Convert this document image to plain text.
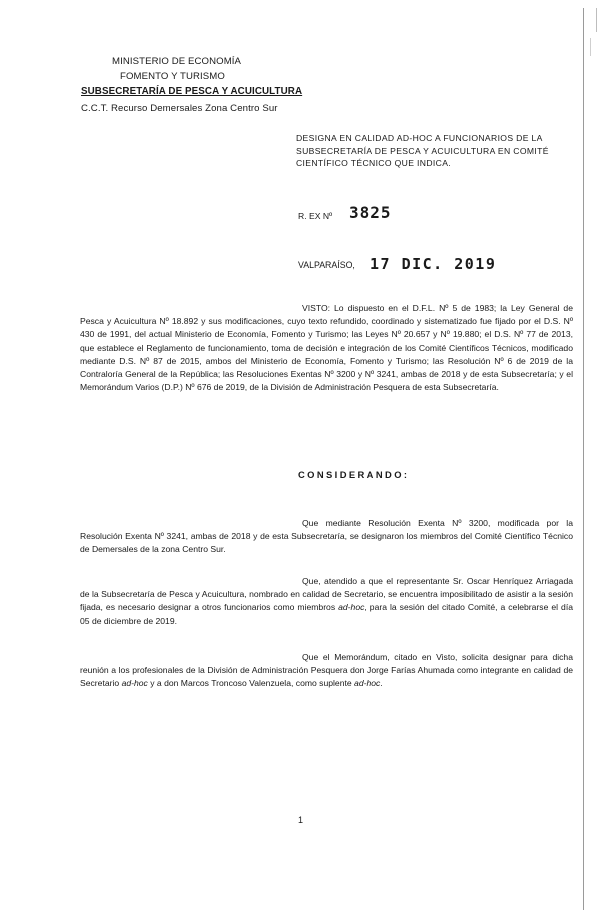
MINISTERIO DE ECONOMÍA
FOMENTO Y TURISMO
SUBSECRETARÍA DE PESCA Y ACUICULTURA
C.C.T. Recurso Demersales Zona Centro Sur
DESIGNA EN CALIDAD AD-HOC A FUNCIONARIOS DE LA
SUBSECRETARÍA DE PESCA Y ACUICULTURA EN COMITÉ
CIENTÍFICO TÉCNICO QUE INDICA.
R. EX Nº 3825
VALPARAÍSO, 17 DIC. 2019

VISTO: Lo dispuesto en el D.F.L. Nº 5 de 1983; la Ley General de Pesca y Acuicultura Nº 18.892 y sus modificaciones, cuyo texto refundido, coordinado y sistematizado fue fijado por el D.S. Nº 430 de 1991, del actual Ministerio de Economía, Fomento y Turismo; las Leyes Nº 20.657 y Nº 19.880; el D.S. Nº 77 de 2013, que establece el Reglamento de funcionamiento, toma de decisión e integración de los Comité Científicos Técnicos, modificado mediante D.S. Nº 87 de 2015, ambos del Ministerio de Economía, Fomento y Turismo; las Resolución Nº 6 de 2019 de la Contraloría General de la República; las Resoluciones Exentas Nº 3200 y Nº 3241, ambas de 2018 y de esta Subsecretaría; y el Memorándum Varios (D.P.) Nº 676 de 2019, de la División de Administración Pesquera de esta Subsecretaría.

CONSIDERANDO:

Que mediante Resolución Exenta Nº 3200, modificada por la Resolución Exenta Nº 3241, ambas de 2018 y de esta Subsecretaría, se designaron los miembros del Comité Científico Técnico de Demersales de la zona Centro Sur.

Que, atendido a que el representante Sr. Oscar Henríquez Arriagada de la Subsecretaría de Pesca y Acuicultura, nombrado en calidad de Secretario, se encuentra imposibilitado de asistir a la sesión fijada, es necesario designar a otros funcionarios como miembros ad-hoc, para la sesión del citado Comité, a celebrarse el día 05 de diciembre de 2019.

Que el Memorándum, citado en Visto, solicita designar para dicha reunión a los profesionales de la División de Administración Pesquera don Jorge Farías Ahumada como integrante en calidad de Secretario ad-hoc y a don Marcos Troncoso Valenzuela, como suplente ad-hoc.

1
